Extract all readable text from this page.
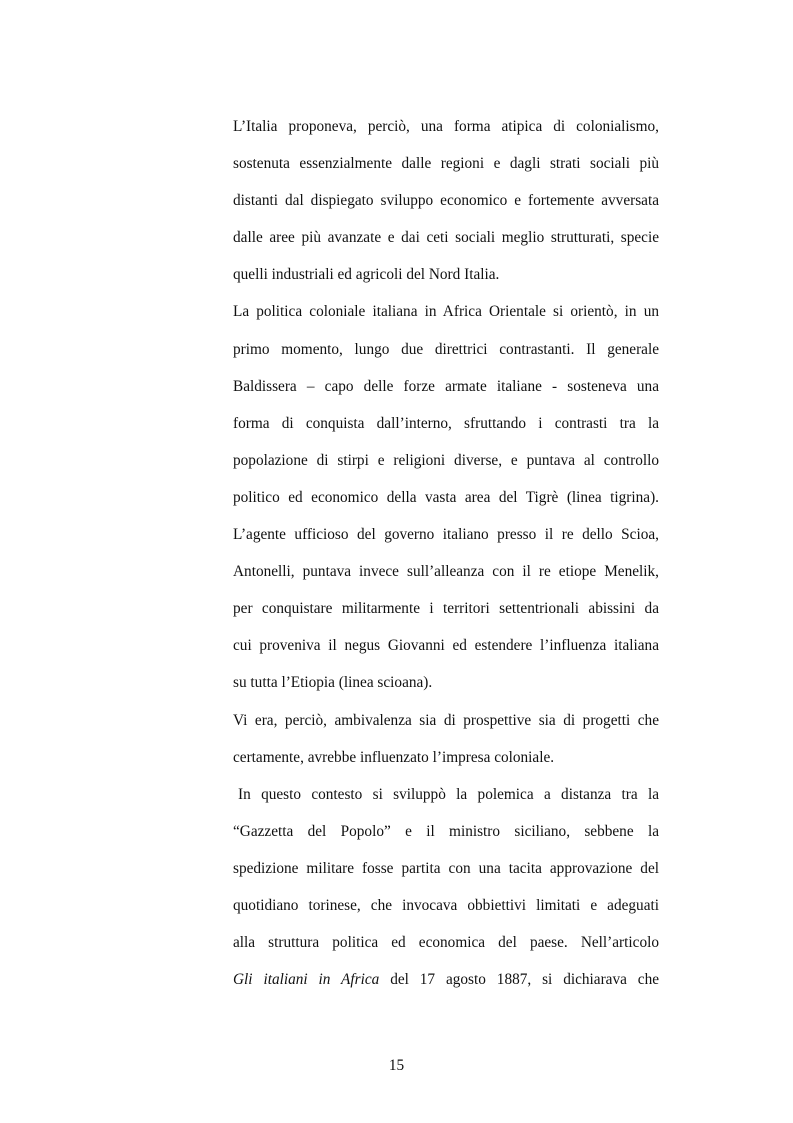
L’Italia proponeva, perciò, una forma atipica di colonialismo,
sostenuta essenzialmente dalle regioni e dagli strati sociali più
distanti dal dispiegato sviluppo economico e fortemente avversata
dalle aree più avanzate e dai ceti sociali meglio strutturati, specie
quelli industriali ed agricoli del Nord Italia.
La politica coloniale italiana in Africa Orientale si orientò, in un
primo momento, lungo due direttrici contrastanti. Il generale
Baldissera – capo delle forze armate italiane - sosteneva una
forma di conquista dall’interno, sfruttando i contrasti tra la
popolazione di stirpi e religioni diverse, e puntava al controllo
politico ed economico della vasta area del Tigrè (linea tigrina).
L’agente ufficioso del governo italiano presso il re dello Scioa,
Antonelli, puntava invece sull’alleanza con il re etiope Menelik,
per conquistare militarmente i territori settentrionali abissini da
cui proveniva il negus Giovanni ed estendere l’influenza italiana
su tutta l’Etiopia (linea scioana).
Vi era, perciò, ambivalenza sia di prospettive sia di progetti che
certamente, avrebbe influenzato l’impresa coloniale.
In questo contesto si sviluppò la polemica a distanza tra la
“Gazzetta del Popolo” e il ministro siciliano, sebbene la
spedizione militare fosse partita con una tacita approvazione del
quotidiano torinese, che invocava obbiettivi limitati e adeguati
alla struttura politica ed economica del paese. Nell’articolo
Gli italiani in Africa del 17 agosto 1887, si dichiarava che
15
